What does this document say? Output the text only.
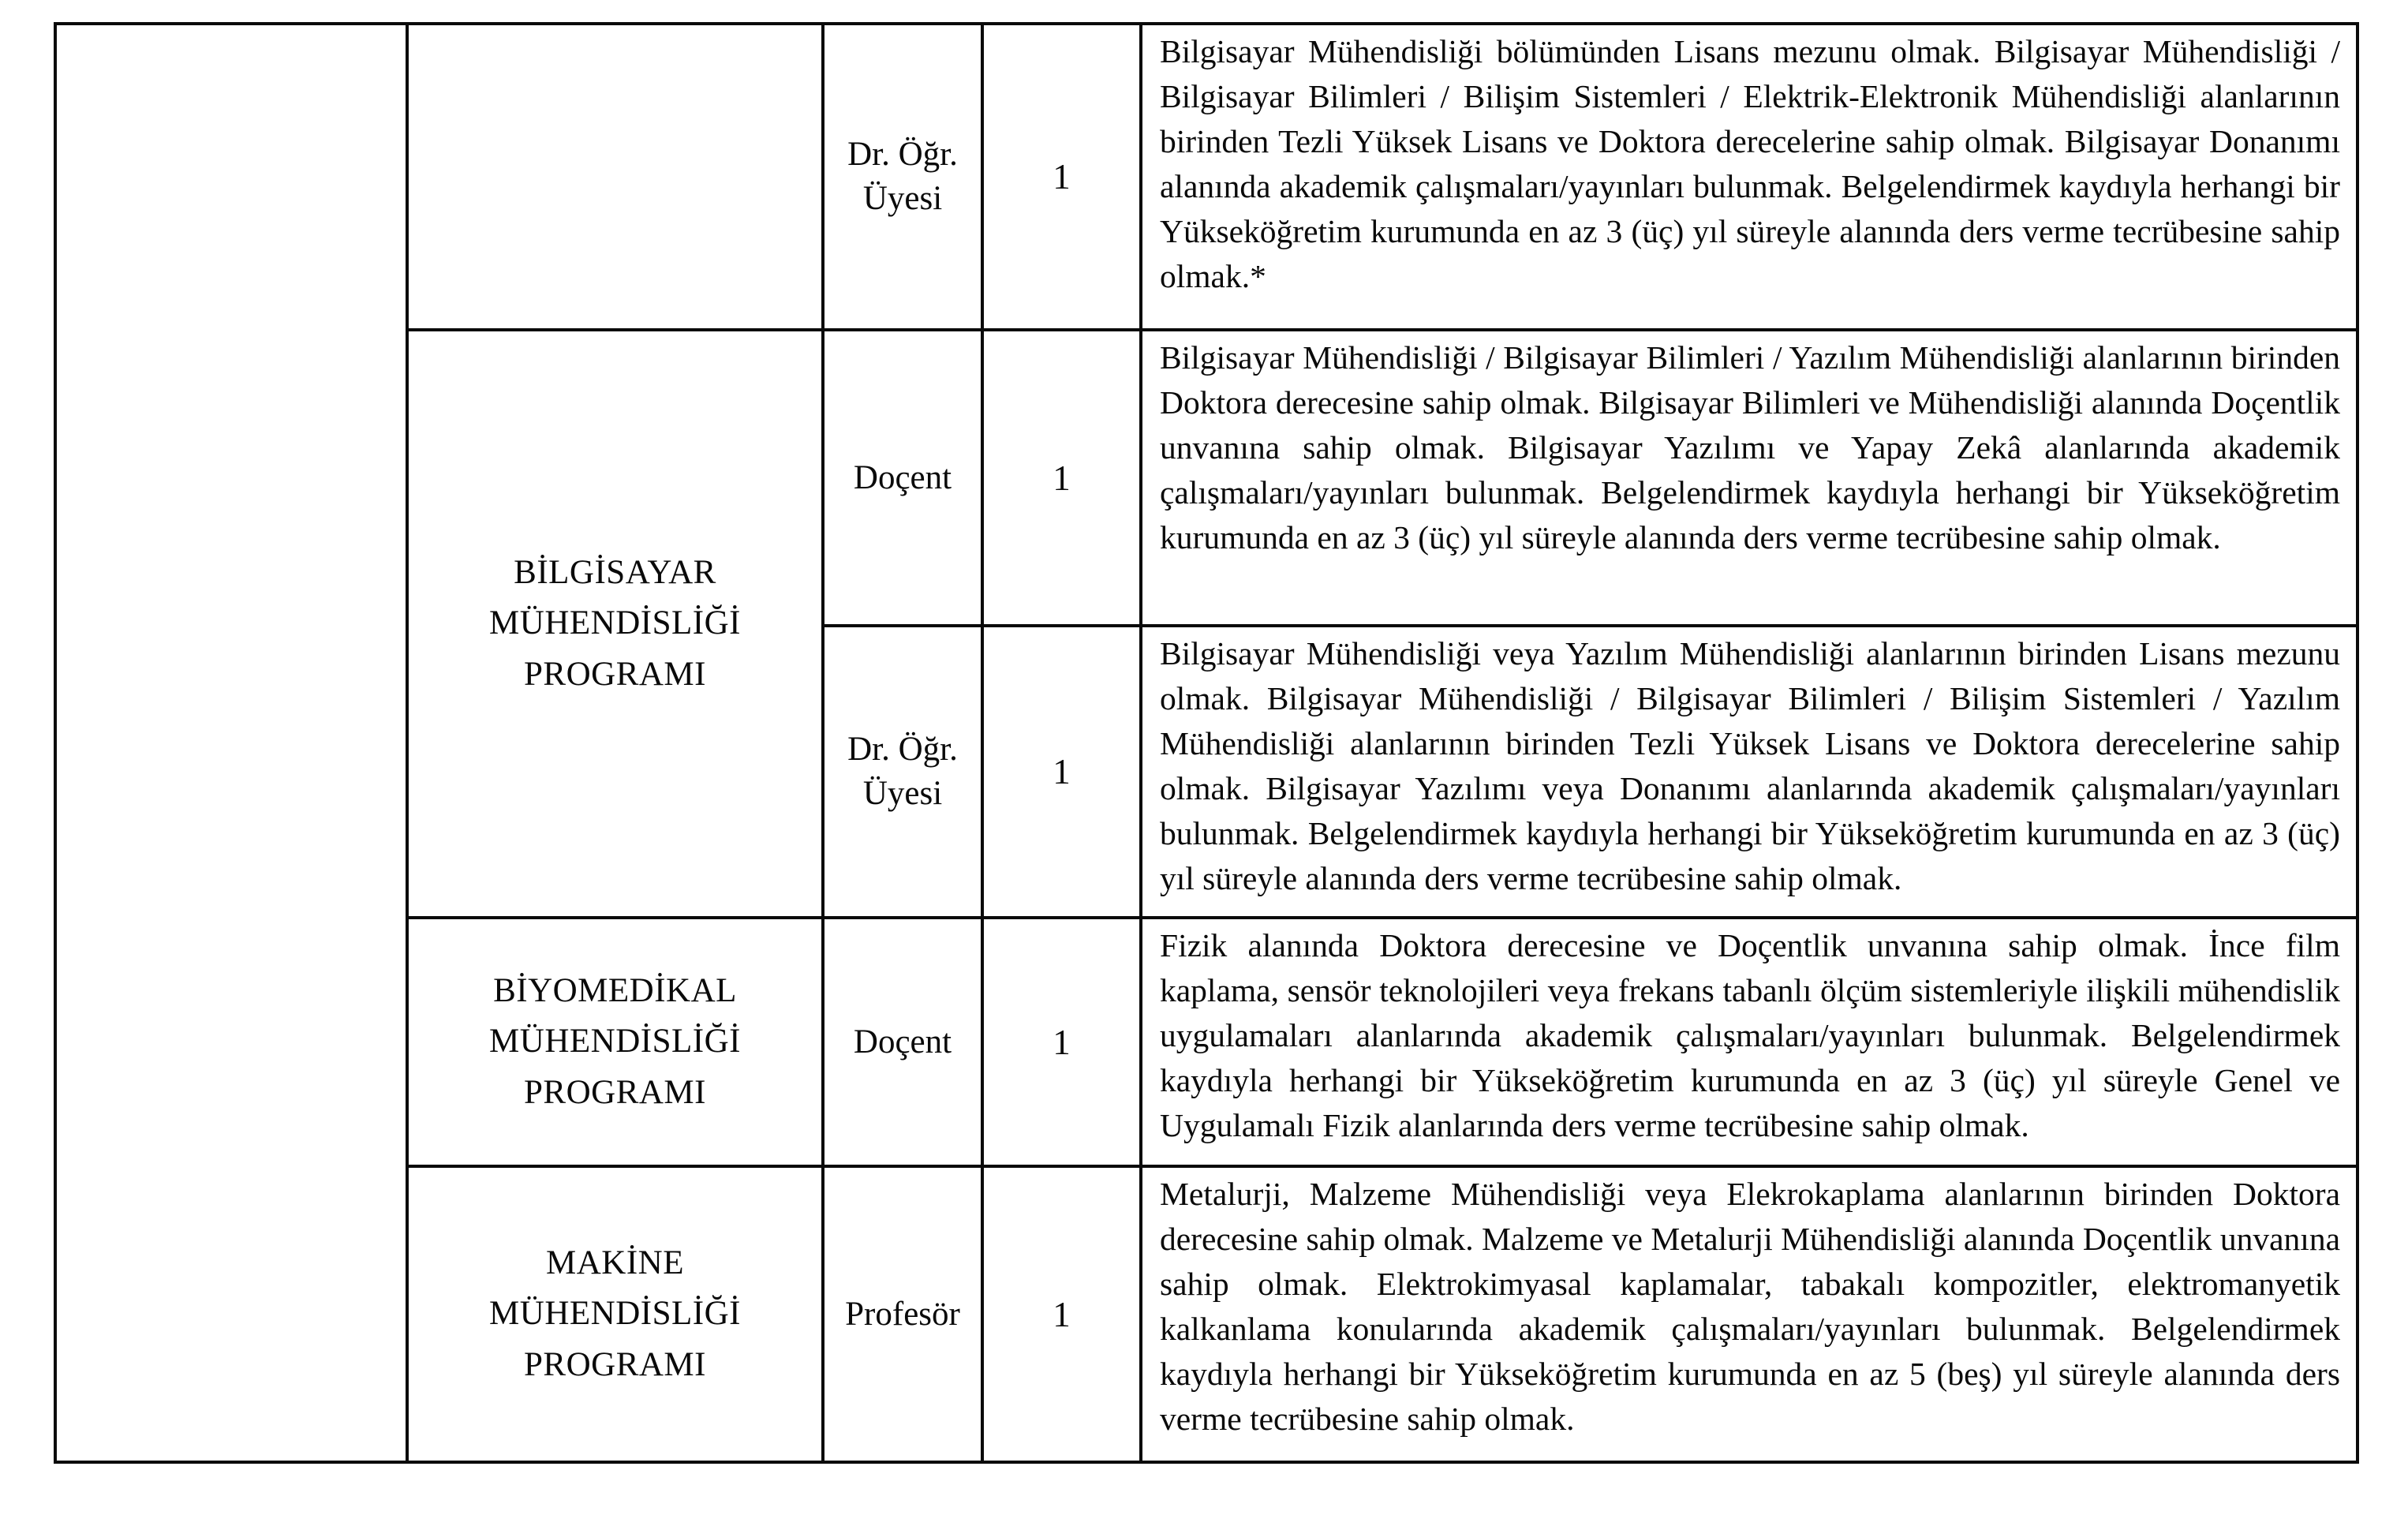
		Dr. Öğr. Üyesi	1	Bilgisayar Mühendisliği bölümünden Lisans mezunu olmak. Bilgisayar Mühendisliği / Bilgisayar Bilimleri / Bilişim Sistemleri / Elektrik-Elektronik Mühendisliği alanlarının birinden Tezli Yüksek Lisans ve Doktora derecelerine sahip olmak. Bilgisayar Donanımı alanında akademik çalışmaları/yayınları bulunmak. Belgelendirmek kaydıyla herhangi bir Yükseköğretim kurumunda en az 3 (üç) yıl süreyle alanında ders verme tecrübesine sahip olmak.*
	BİLGİSAYAR MÜHENDİSLİĞİ PROGRAMI	Doçent	1	Bilgisayar Mühendisliği / Bilgisayar Bilimleri / Yazılım Mühendisliği alanlarının birinden Doktora derecesine sahip olmak. Bilgisayar Bilimleri ve Mühendisliği alanında Doçentlik unvanına sahip olmak. Bilgisayar Yazılımı ve Yapay Zekâ alanlarında akademik çalışmaları/yayınları bulunmak. Belgelendirmek kaydıyla herhangi bir Yükseköğretim kurumunda en az 3 (üç) yıl süreyle alanında ders verme tecrübesine sahip olmak.
		Dr. Öğr. Üyesi	1	Bilgisayar Mühendisliği veya Yazılım Mühendisliği alanlarının birinden Lisans mezunu olmak. Bilgisayar Mühendisliği / Bilgisayar Bilimleri / Bilişim Sistemleri / Yazılım Mühendisliği alanlarının birinden Tezli Yüksek Lisans ve Doktora derecelerine sahip olmak. Bilgisayar Yazılımı veya Donanımı alanlarında akademik çalışmaları/yayınları bulunmak. Belgelendirmek kaydıyla herhangi bir Yükseköğretim kurumunda en az 3 (üç) yıl süreyle alanında ders verme tecrübesine sahip olmak.
	BİYOMEDİKAL MÜHENDİSLİĞİ PROGRAMI	Doçent	1	Fizik alanında Doktora derecesine ve Doçentlik unvanına sahip olmak. İnce film kaplama, sensör teknolojileri veya frekans tabanlı ölçüm sistemleriyle ilişkili mühendislik uygulamaları alanlarında akademik çalışmaları/yayınları bulunmak. Belgelendirmek kaydıyla herhangi bir Yükseköğretim kurumunda en az 3 (üç) yıl süreyle Genel ve Uygulamalı Fizik alanlarında ders verme tecrübesine sahip olmak.
	MAKİNE MÜHENDİSLİĞİ PROGRAMI	Profesör	1	Metalurji, Malzeme Mühendisliği veya Elekrokaplama alanlarının birinden Doktora derecesine sahip olmak. Malzeme ve Metalurji Mühendisliği alanında Doçentlik unvanına sahip olmak. Elektrokimyasal kaplamalar, tabakalı kompozitler, elektromanyetik kalkanlama konularında akademik çalışmaları/yayınları bulunmak. Belgelendirmek kaydıyla herhangi bir Yükseköğretim kurumunda en az 5 (beş) yıl süreyle alanında ders verme tecrübesine sahip olmak.
